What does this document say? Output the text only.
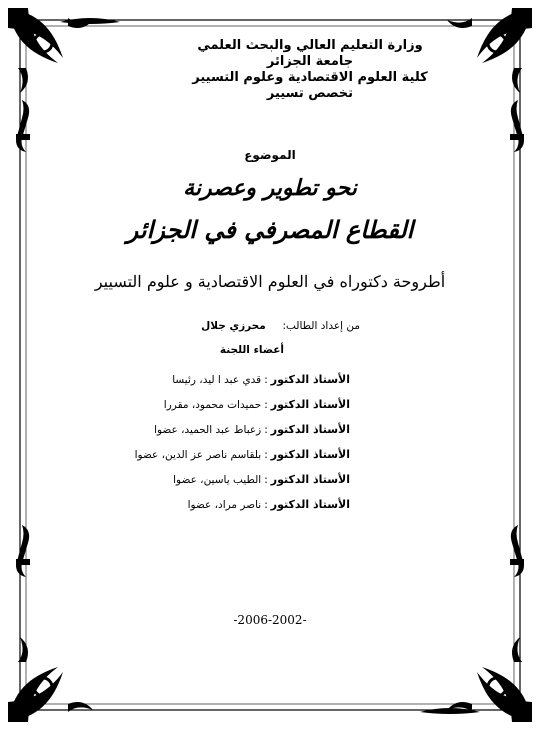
وزارة التعليم العالي والبحث العلمي
جامعة الجزائر
كلية العلوم الاقتصادية وعلوم التسيير
تخصص تسيير
الموضوع
نحو تطوير وعصرنة
القطاع المصرفي في الجزائر
أطروحة دكتوراه في العلوم الاقتصادية و علوم التسيير
من إعداد الطالب:  محرزي جلال
أعضاء اللجنة
الأستاذ الدكتور:قدي عبد ا ليد، رئيسا
الأستاذ الدكتور:حميدات محمود، مقررا
الأستاذ الدكتور:زعباط عبد الحميد، عضوا
الأستاذ الدكتور:بلقاسم ناصر عز الدين، عضوا
الأستاذ الدكتور:الطيب ياسين، عضوا
الأستاذ الدكتور:ناصر مراد، عضوا
-2006-2002-
